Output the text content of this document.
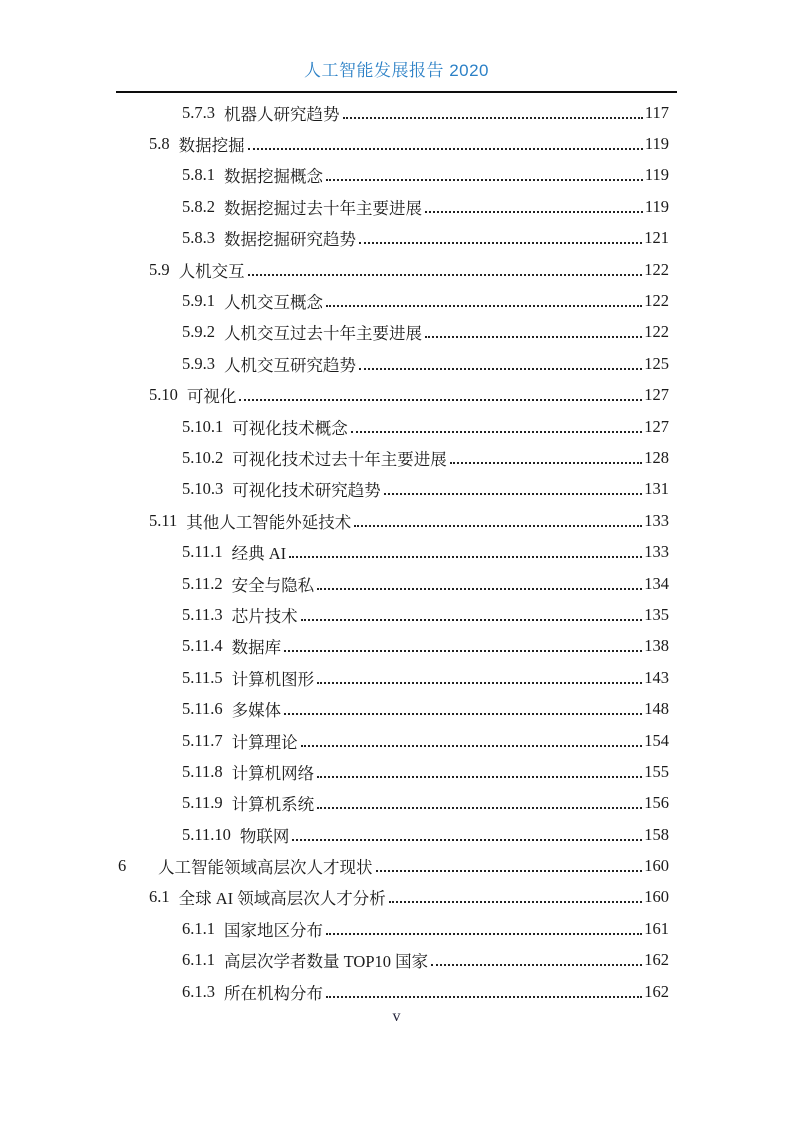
人工智能发展报告 2020
5.7.3 机器人研究趋势	117
5.8 数据挖掘	119
5.8.1 数据挖掘概念	119
5.8.2 数据挖掘过去十年主要进展	119
5.8.3 数据挖掘研究趋势	121
5.9 人机交互	122
5.9.1 人机交互概念	122
5.9.2 人机交互过去十年主要进展	122
5.9.3 人机交互研究趋势	125
5.10 可视化	127
5.10.1 可视化技术概念	127
5.10.2 可视化技术过去十年主要进展	128
5.10.3 可视化技术研究趋势	131
5.11 其他人工智能外延技术	133
5.11.1 经典 AI	133
5.11.2 安全与隐私	134
5.11.3 芯片技术	135
5.11.4 数据库	138
5.11.5 计算机图形	143
5.11.6 多媒体	148
5.11.7 计算理论	154
5.11.8 计算机网络	155
5.11.9 计算机系统	156
5.11.10 物联网	158
6	人工智能领域高层次人才现状	160
6.1 全球 AI 领域高层次人才分析	160
6.1.1 国家地区分布	161
6.1.1 高层次学者数量 TOP10 国家	162
6.1.3 所在机构分布	162
v
